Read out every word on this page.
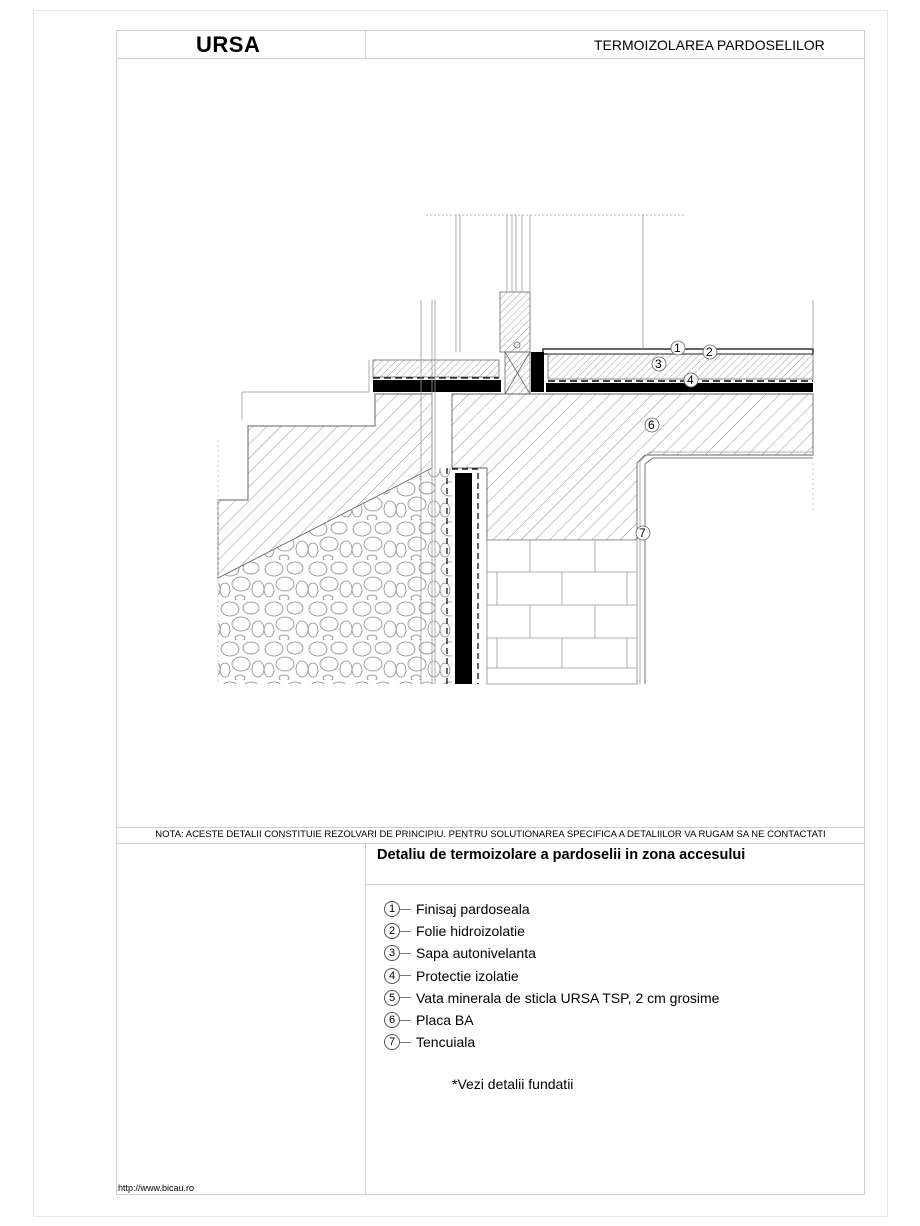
URSA	TERMOIZOLAREA PARDOSELILOR
1 2
3
4
6
7
NOTA: ACESTE DETALII CONSTITUIE REZOLVARI DE PRINCIPIU. PENTRU SOLUTIONAREA SPECIFICA A DETALIILOR VA RUGAM SA NE CONTACTATI
Detaliu de termoizolare a pardoselii in zona accesului
1	Finisaj pardoseala
2	Folie hidroizolatie
3	Sapa autonivelanta
4	Protectie izolatie
5	Vata minerala de sticla URSA TSP, 2 cm grosime
6	Placa BA
7	Tencuiala
*Vezi detalii fundatii
http://www.bicau.ro
